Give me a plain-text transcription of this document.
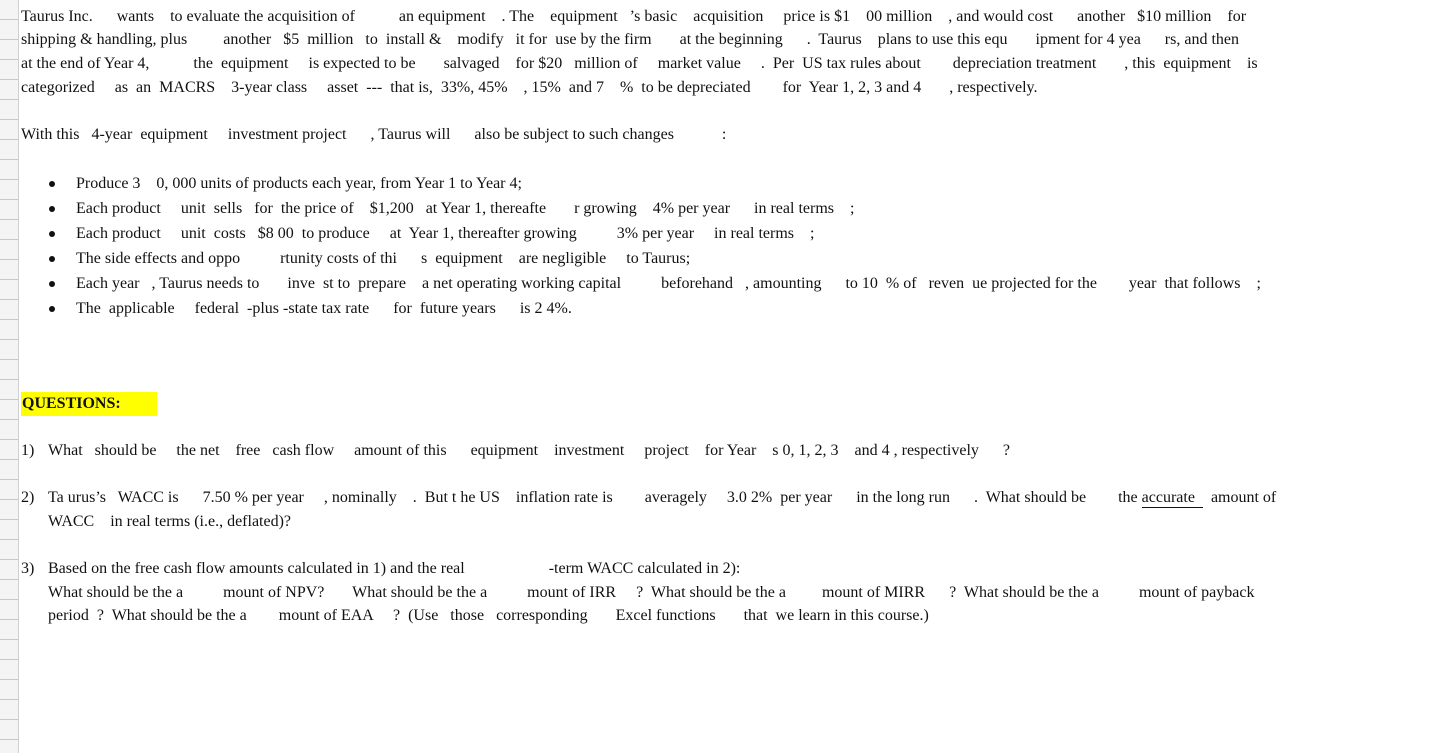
Taurus Inc.      wants    to evaluate the acquisition of           an equipment    . The    equipment   ’s basic    acquisition     price is $1    00 million    , and would cost      another   $10 million    for
shipping & handling, plus         another   $5  million   to  install &    modify   it for  use by the firm       at the beginning      .  Taurus    plans to use this equ       ipment for 4 yea      rs, and then
at the end of Year 4,           the  equipment     is expected to be       salvaged    for $20   million of     market value     .  Per  US tax rules about        depreciation treatment       , this  equipment    is
categorized     as  an  MACRS    3-year class     asset  ---  that is,  33%, 45%    , 15%  and 7    %  to be depreciated        for  Year 1, 2, 3 and 4       , respectively.
With this   4-year  equipment     investment project      , Taurus will      also be subject to such changes            :

Produce 3    0, 000 units of products each year, from Year 1 to Year 4;

Each product     unit  sells   for  the price of    $1,200   at Year 1, thereafte       r growing    4% per year      in real terms    ;

Each product     unit  costs   $8 00  to produce     at  Year 1, thereafter growing          3% per year     in real terms    ;

The side effects and oppo          rtunity costs of thi      s  equipment    are negligible     to Taurus;

Each year   , Taurus needs to       inve  st to  prepare    a net operating working capital          beforehand   , amounting      to 10  % of   reven  ue projected for the        year  that follows    ;

The  applicable     federal  -plus -state tax rate      for  future years      is 2 4%.

QUESTIONS:
1) What   should be     the net    free   cash flow     amount of this      equipment    investment     project    for Year    s 0, 1, 2, 3    and 4 , respectively      ?
2) Ta urus’s   WACC is      7.50 % per year     , nominally    .  But t he US    inflation rate is        averagely     3.0 2%  per year      in the long run      .  What should be        the accurate    amount of
WACC    in real terms (i.e., deflated)?
3) Based on the free cash flow amounts calculated in 1) and the real                     -term WACC calculated in 2):
What should be the a          mount of NPV?       What should be the a          mount of IRR     ?  What should be the a         mount of MIRR      ?  What should be the a          mount of payback
period  ?  What should be the a        mount of EAA     ?  (Use   those   corresponding       Excel functions       that  we learn in this course.)
